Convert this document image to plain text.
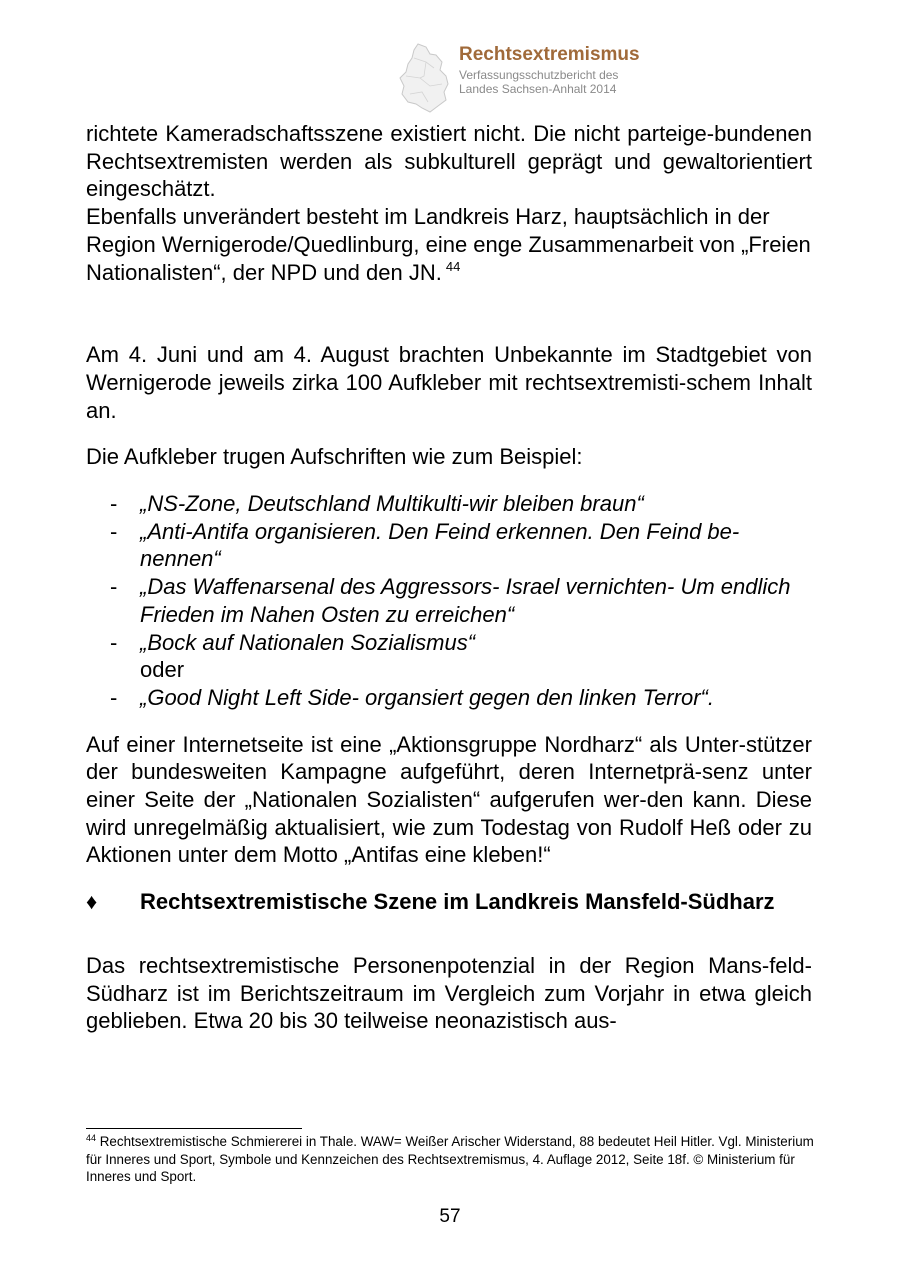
Rechtsextremismus
Verfassungsschutzbericht des
Landes Sachsen-Anhalt 2014

richtete Kameradschaftsszene existiert nicht. Die nicht parteige-bundenen Rechtsextremisten werden als subkulturell geprägt und gewaltorientiert eingeschätzt.

Ebenfalls unverändert besteht im Landkreis Harz, hauptsächlich in der Region Wernigerode/Quedlinburg, eine enge Zusammenarbeit von „Freien Nationalisten“, der NPD und den JN. $^{44}$

Am 4. Juni und am 4. August brachten Unbekannte im Stadtgebiet von Wernigerode jeweils zirka 100 Aufkleber mit rechtsextremisti-schem Inhalt an.

Die Aufkleber trugen Aufschriften wie zum Beispiel:

- „NS-Zone, Deutschland Multikulti-wir bleiben braun“
- „Anti-Antifa organisieren. Den Feind erkennen. Den Feind be-nennen“
- „Das Waffenarsenal des Aggressors- Israel vernichten- Um endlich Frieden im Nahen Osten zu erreichen“
- „Bock auf Nationalen Sozialismus“
oder
- „Good Night Left Side- organsiert gegen den linken Terror“.

Auf einer Internetseite ist eine „Aktionsgruppe Nordharz“ als Unter-stützer der bundesweiten Kampagne aufgeführt, deren Internetprä-senz unter einer Seite der „Nationalen Sozialisten“ aufgerufen wer-den kann. Diese wird unregelmäßig aktualisiert, wie zum Todestag von Rudolf Heß oder zu Aktionen unter dem Motto „Antifas eine kleben!“

♦ Rechtsextremistische Szene im Landkreis Mansfeld-Südharz

Das rechtsextremistische Personenpotenzial in der Region Mans-feld-Südharz ist im Berichtszeitraum im Vergleich zum Vorjahr in etwa gleich geblieben. Etwa 20 bis 30 teilweise neonazistisch aus-

$^{44}$ Rechtsextremistische Schmiererei in Thale. WAW= Weißer Arischer Widerstand, 88 bedeutet Heil Hitler. Vgl. Ministerium für Inneres und Sport, Symbole und Kennzeichen des Rechtsextremismus, 4. Auflage 2012, Seite 18f. © Ministerium für Inneres und Sport.
57
